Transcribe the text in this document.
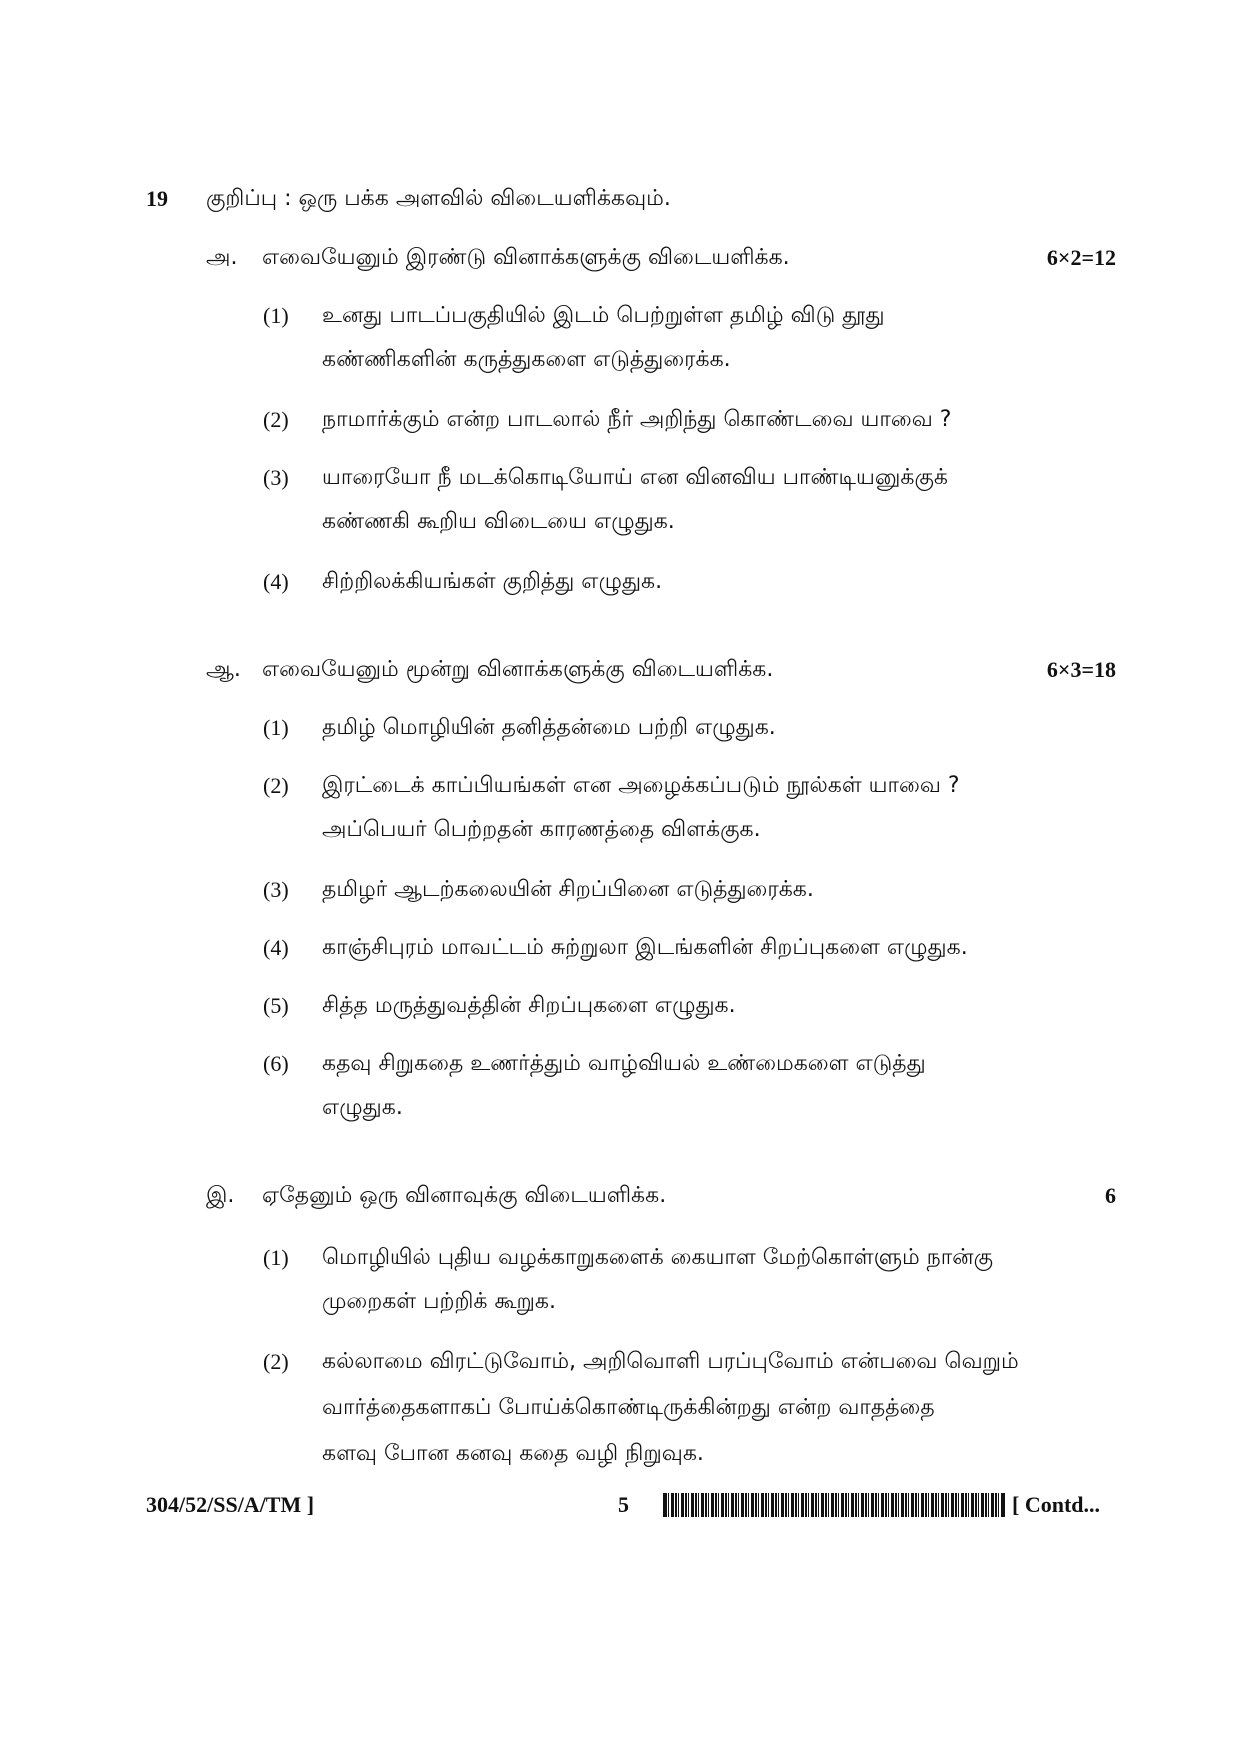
19 குறிப்பு : ஒரு பக்க அளவில் விடையளிக்கவும்.
அ. எவையேனும் இரண்டு வினாக்களுக்கு விடையளிக்க.	6×2=12
(1) உனது பாடப்பகுதியில் இடம் பெற்றுள்ள தமிழ் விடு தூது
கண்ணிகளின் கருத்துகளை எடுத்துரைக்க.
(2) நாமார்க்கும் என்ற பாடலால் நீர் அறிந்து கொண்டவை யாவை ?
(3) யாரையோ நீ மடக்கொடியோய் என வினவிய பாண்டியனுக்குக்
கண்ணகி கூறிய விடையை எழுதுக.
(4) சிற்றிலக்கியங்கள் குறித்து எழுதுக.
ஆ. எவையேனும் மூன்று வினாக்களுக்கு விடையளிக்க.	6×3=18
(1) தமிழ் மொழியின் தனித்தன்மை பற்றி எழுதுக.
(2) இரட்டைக் காப்பியங்கள் என அழைக்கப்படும் நூல்கள் யாவை ?
அப்பெயர் பெற்றதன் காரணத்தை விளக்குக.
(3) தமிழர் ஆடற்கலையின் சிறப்பினை எடுத்துரைக்க.
(4) காஞ்சிபுரம் மாவட்டம் சுற்றுலா இடங்களின் சிறப்புகளை எழுதுக.
(5) சித்த மருத்துவத்தின் சிறப்புகளை எழுதுக.
(6) கதவு சிறுகதை உணர்த்தும் வாழ்வியல் உண்மைகளை எடுத்து
எழுதுக.
இ. ஏதேனும் ஒரு வினாவுக்கு விடையளிக்க.	6
(1) மொழியில் புதிய வழக்காறுகளைக் கையாள மேற்கொள்ளும் நான்கு
முறைகள் பற்றிக் கூறுக.
(2) கல்லாமை விரட்டுவோம், அறிவொளி பரப்புவோம் என்பவை வெறும்
வார்த்தைகளாகப் போய்க்கொண்டிருக்கின்றது என்ற வாதத்தை
களவு போன கனவு கதை வழி நிறுவுக.
304/52/SS/A/TM ]	5	[ Contd...
